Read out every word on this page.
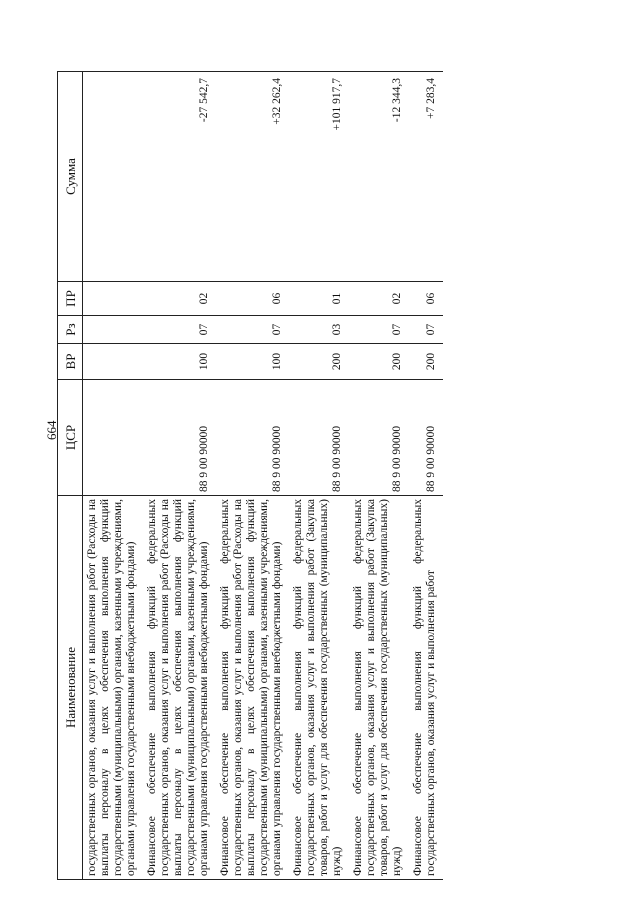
664
Наименование	ЦСР	ВР	Рз	ПР	Сумма
государственных органов, оказания услуг и выполнения работ (Расходы на выплаты персоналу в целях обеспечения выполнения функций государственными (муниципальными) органами, казенными учреждениями, органами управления государственными внебюджетными фондами)					
Финансовое обеспечение выполнения функций федеральных государственных органов, оказания услуг и выполнения работ (Расходы на выплаты персоналу в целях обеспечения выполнения функций государственными (муниципальными) органами, казенными учреждениями, органами управления государственными внебюджетными фондами)	88 9 00 90000	100	07	02	-27 542,7
Финансовое обеспечение выполнения функций федеральных государственных органов, оказания услуг и выполнения работ (Расходы на выплаты персоналу в целях обеспечения выполнения функций государственными (муниципальными) органами, казенными учреждениями, органами управления государственными внебюджетными фондами)	88 9 00 90000	100	07	06	+32 262,4
Финансовое обеспечение выполнения функций федеральных государственных органов, оказания услуг и выполнения работ (Закупка товаров, работ и услуг для обеспечения государственных (муниципальных) нужд)	88 9 00 90000	200	03	01	+101 917,7
Финансовое обеспечение выполнения функций федеральных государственных органов, оказания услуг и выполнения работ (Закупка товаров, работ и услуг для обеспечения государственных (муниципальных) нужд)	88 9 00 90000	200	07	02	-12 344,3
Финансовое обеспечение выполнения функций федеральных государственных органов, оказания услуг и выполнения работ	88 9 00 90000	200	07	06	+7 283,4
